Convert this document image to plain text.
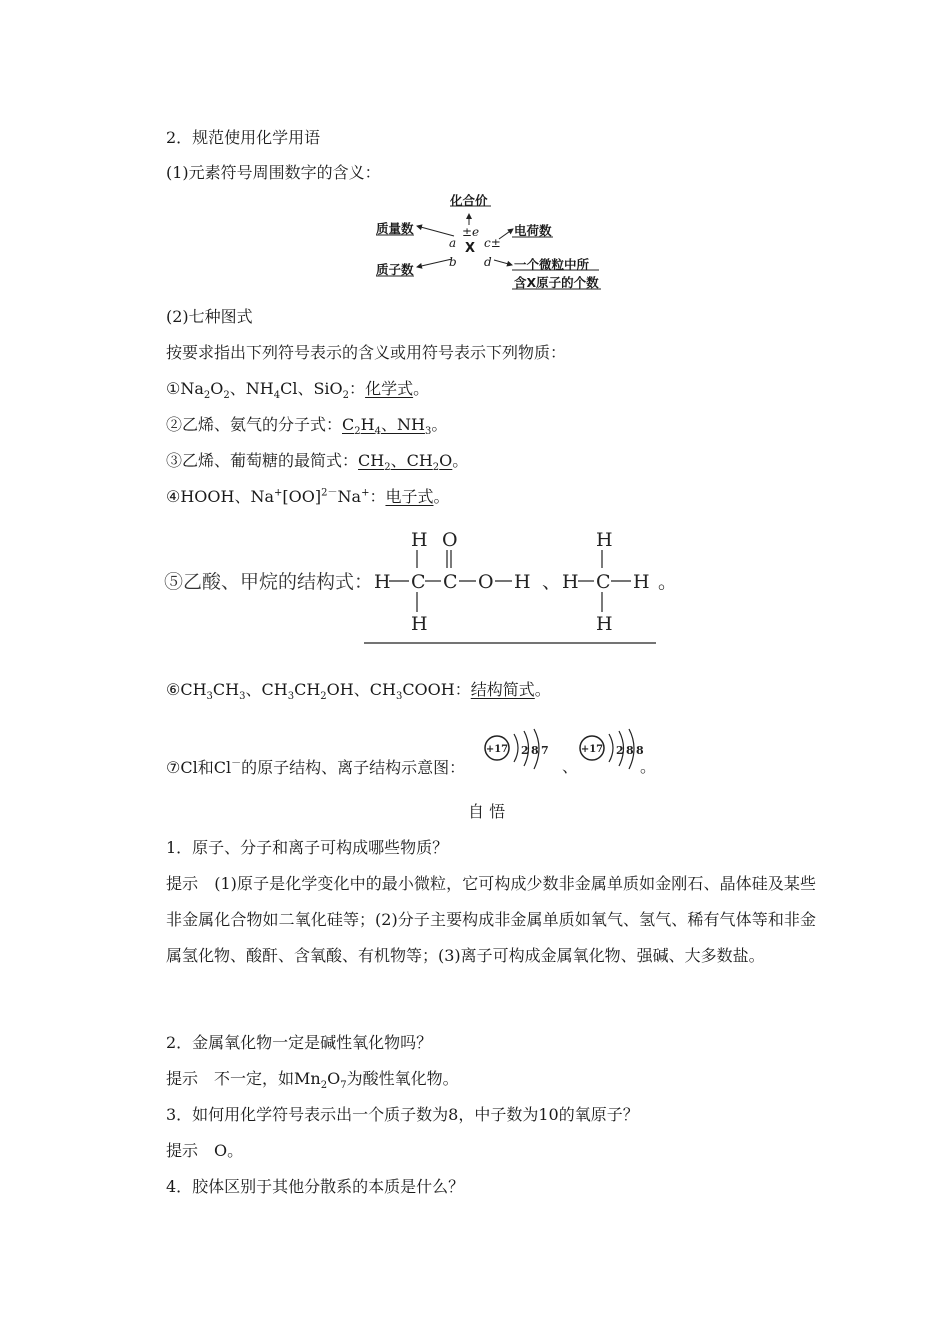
2．规范使用化学用语
(1)元素符号周围数字的含义：
化合价
质量数
质子数
电荷数
一个微粒中所
含X原子的个数
±e
a c±
X
b d
(2)七种图式
按要求指出下列符号表示的含义或用符号表示下列物质：
$①Na_2O_2$、$NH_4Cl$、SiO$_2$：化学式。
②乙烯、氨气的分子式：$C_2H_4$、$NH_3$。
③乙烯、葡萄糖的最简式：$CH_2$、$CH_2O$。
④HOOH、Na+[OO]$^{2-}$Na+：电子式。
⑤乙酸、甲烷的结构式：
H O
H C C O H
H
、
H
H C H
H
。
$⑥CH_3CH_3$、$CH_3CH_2OH$、$CH_3COOH$：结构简式。
⑦Cl和Cl－的原子结构、离子结构示意图：
+17 2 8 7
、
+17 2 8 8
。
自 悟
1．原子、分子和离子可构成哪些物质？
提示　(1)原子是化学变化中的最小微粒，它可构成少数非金属单质如金刚石、晶体硅及某些非金属化合物如二氧化硅等；(2)分子主要构成非金属单质如氧气、氢气、稀有气体等和非金属氢化物、酸酐、含氧酸、有机物等；(3)离子可构成金属氧化物、强碱、大多数盐。
2．金属氧化物一定是碱性氧化物吗？
提示　不一定，如$Mn_2O_7$为酸性氧化物。
3．如何用化学符号表示出一个质子数为8，中子数为10的氧原子？
提示　O。
4．胶体区别于其他分散系的本质是什么？
